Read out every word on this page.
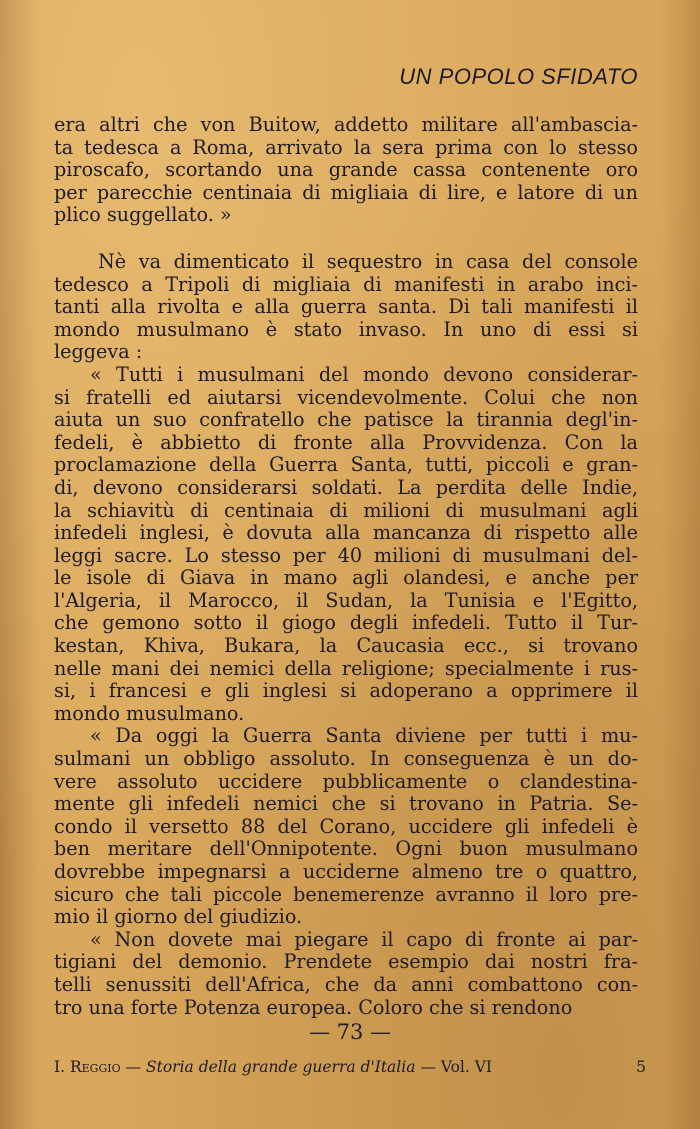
UN POPOLO SFIDATO
era altri che von Buitow, addetto militare all'ambascia-
ta tedesca a Roma, arrivato la sera prima con lo stesso
piroscafo, scortando una grande cassa contenente oro
per parecchie centinaia di migliaia di lire, e latore di un
plico suggellato. »
Nè va dimenticato il sequestro in casa del console
tedesco a Tripoli di migliaia di manifesti in arabo inci-
tanti alla rivolta e alla guerra santa. Di tali manifesti il
mondo musulmano è stato invaso. In uno di essi si
leggeva :
« Tutti i musulmani del mondo devono considerar-
si fratelli ed aiutarsi vicendevolmente. Colui che non
aiuta un suo confratello che patisce la tirannia degl'in-
fedeli, è abbietto di fronte alla Provvidenza. Con la
proclamazione della Guerra Santa, tutti, piccoli e gran-
di, devono considerarsi soldati. La perdita delle Indie,
la schiavitù di centinaia di milioni di musulmani agli
infedeli inglesi, è dovuta alla mancanza di rispetto alle
leggi sacre. Lo stesso per 40 milioni di musulmani del-
le isole di Giava in mano agli olandesi, e anche per
l'Algeria, il Marocco, il Sudan, la Tunisia e l'Egitto,
che gemono sotto il giogo degli infedeli. Tutto il Tur-
kestan, Khiva, Bukara, la Caucasia ecc., si trovano
nelle mani dei nemici della religione; specialmente i rus-
si, i francesi e gli inglesi si adoperano a opprimere il
mondo musulmano.
« Da oggi la Guerra Santa diviene per tutti i mu-
sulmani un obbligo assoluto. In conseguenza è un do-
vere assoluto uccidere pubblicamente o clandestina-
mente gli infedeli nemici che si trovano in Patria. Se-
condo il versetto 88 del Corano, uccidere gli infedeli è
ben meritare dell'Onnipotente. Ogni buon musulmano
dovrebbe impegnarsi a ucciderne almeno tre o quattro,
sicuro che tali piccole benemerenze avranno il loro pre-
mio il giorno del giudizio.
« Non dovete mai piegare il capo di fronte ai par-
tigiani del demonio. Prendete esempio dai nostri fra-
telli senussiti dell'Africa, che da anni combattono con-
tro una forte Potenza europea. Coloro che si rendono
— 73 —
I. Reggio — Storia della grande guerra d'Italia — Vol. VI	5
